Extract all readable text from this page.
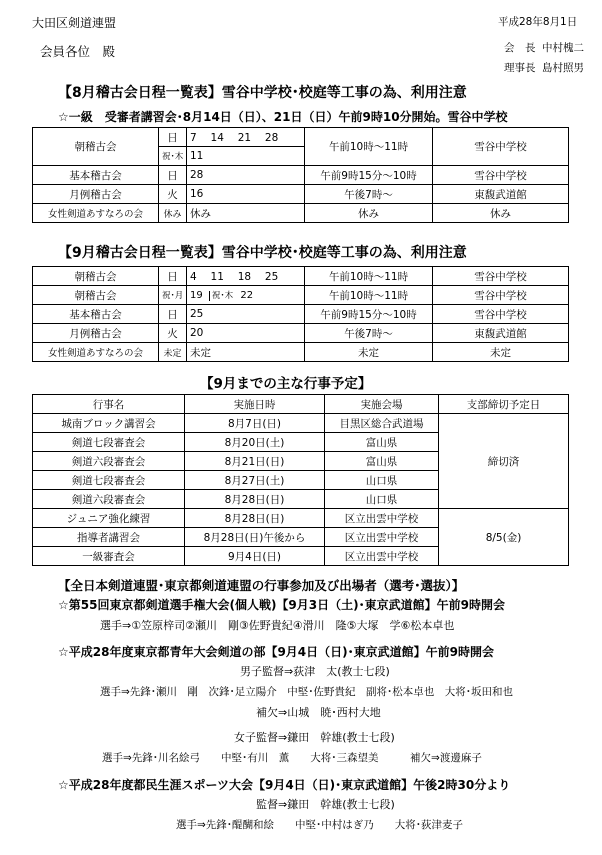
大田区剣道連盟
会員各位　殿
平成28年8月1日
会　長 中村槐二
理事長 島村照男
【8月稽古会日程一覧表】雪谷中学校･校庭等工事の為、利用注意
☆一級　受審者講習会･8月14日（日）、21日（日）午前9時10分開始。雪谷中学校
朝稽古会	日	7　 14　 21　 28	午前10時～11時	雪谷中学校
	祝･木	11		
基本稽古会	日	28	午前9時15分～10時	雪谷中学校
月例稽古会	火	16	午後7時～	東馥武道館
女性剣道あすなろの会	休み	休み	休み	休み
【9月稽古会日程一覧表】雪谷中学校･校庭等工事の為、利用注意
朝稽古会	日	4　 11　 18　 25	午前10時～11時	雪谷中学校
朝稽古会	祝･月	19 祝･木 22	午前10時～11時	雪谷中学校
基本稽古会	日	25	午前9時15分～10時	雪谷中学校
月例稽古会	火	20	午後7時～	東馥武道館
女性剣道あすなろの会	未定	未定	未定	未定
【9月までの主な行事予定】
行事名	実施日時	実施会場	支部締切予定日
城南ブロック講習会	8月7日(日)	目黒区総合武道場	締切済
剣道七段審査会	8月20日(土)	富山県	
剣道六段審査会	8月21日(日)	富山県	
剣道七段審査会	8月27日(土)	山口県	
剣道六段審査会	8月28日(日)	山口県	
ジュニア強化練習	8月28日(日)	区立出雲中学校	8/5(金)
指導者講習会	8月28日(日)午後から	区立出雲中学校	
一級審査会	9月4日(日)	区立出雲中学校	
【全日本剣道連盟･東京都剣道連盟の行事参加及び出場者（選考･選抜）】
☆第55回東京都剣道選手権大会(個人戦)【9月3日（土)･東京武道館】午前9時開会
選手⇒①笠原梓司②瀬川　剛③佐野貴紀④滑川　隆⑤大塚　学⑥松本卓也
☆平成28年度東京都青年大会剣道の部【9月4日（日)･東京武道館】午前9時開会
男子監督⇒荻津　太(教士七段)
選手⇒先鋒･瀬川　剛　次鋒･足立陽介　中堅･佐野貴紀　副将･松本卓也　大将･坂田和也
補欠⇒山城　暁･西村大地
女子監督⇒鎌田　幹雄(教士七段)
選手⇒先鋒･川名絵弓　　中堅･有川　薫　　大将･三森望美　　　補欠⇒渡邊麻子
☆平成28年度都民生涯スポーツ大会【9月4日（日)･東京武道館】午後2時30分より
監督⇒鎌田　幹雄(教士七段)
選手⇒先鋒･醍醐和絵　　中堅･中村はぎ乃　　大将･荻津麦子
